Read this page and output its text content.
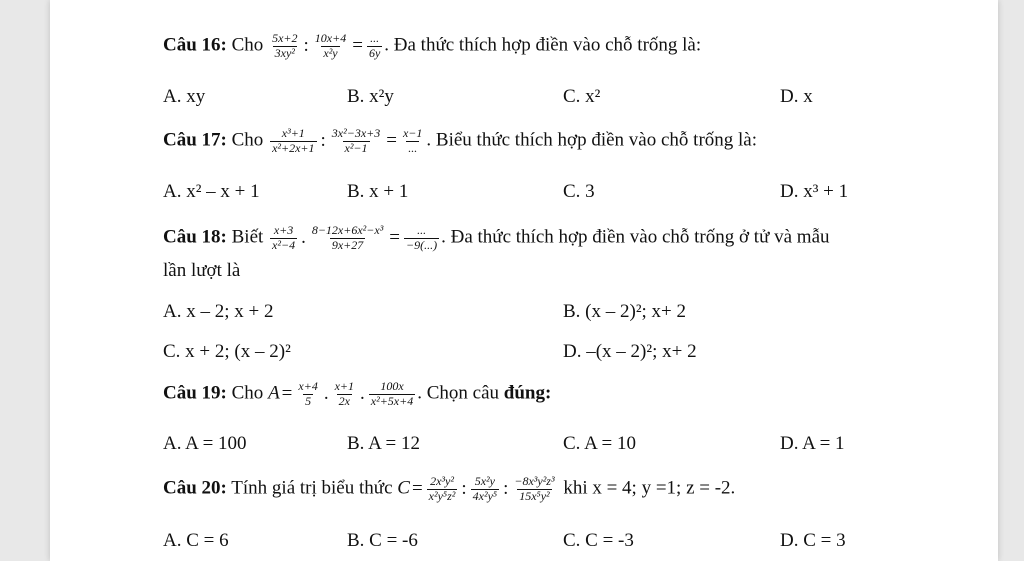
Câu 16: Cho $\frac{5x+2}{\text{3xy²}}$ : $\frac{10x+4}{\text{x²y}} = \frac{...}{6y}$ . Đa thức thích hợp điền vào chỗ trống là:
A. xy	B. x²y	C. x²	D. x
Câu 17: Cho $\frac{\text{x³+1}}{\text{x²+2x+1}}$ : $\frac{\text{3x²−3x+3}}{\text{x²−1}} = \frac{x-1}{...}$ . Biểu thức thích hợp điền vào chỗ trống là:
A. x² – x + 1	B. x + 1	C. 3	D. x³ + 1
Câu 18: Biết $\frac{x+3}{\text{x²−4}}$ . $\frac{\text{8−12x+6x²−x³}}{9x+27} = \frac{...}{-9(...)}$ . Đa thức thích hợp điền vào chỗ trống ở tử và mẫu
lần lượt là
A. x – 2; x + 2	B. (x – 2)²; x+ 2
C. x + 2; (x – 2)²	D. –(x – 2)²; x+ 2
Câu 19: Cho $A = \frac{x+4}{5}$ . $\frac{x+1}{2x}$ . $\frac{100x}{\text{x²+5x+4}}$ . Chọn câu đúng:
A. A = 100	B. A = 12	C. A = 10	D. A = 1
Câu 20: Tính giá trị biểu thức $C = \frac{\text{2x³y²}}{\text{x²y⁵z²}}$ : $\frac{\text{5x²y}}{\text{4x²y⁵}}$ : $\frac{\text{−8x³y²z³}}{\text{15x⁵y²}}$ khi x = 4; y =1; z = -2.
A. C = 6	B. C = -6	C. C = -3	D. C = 3
